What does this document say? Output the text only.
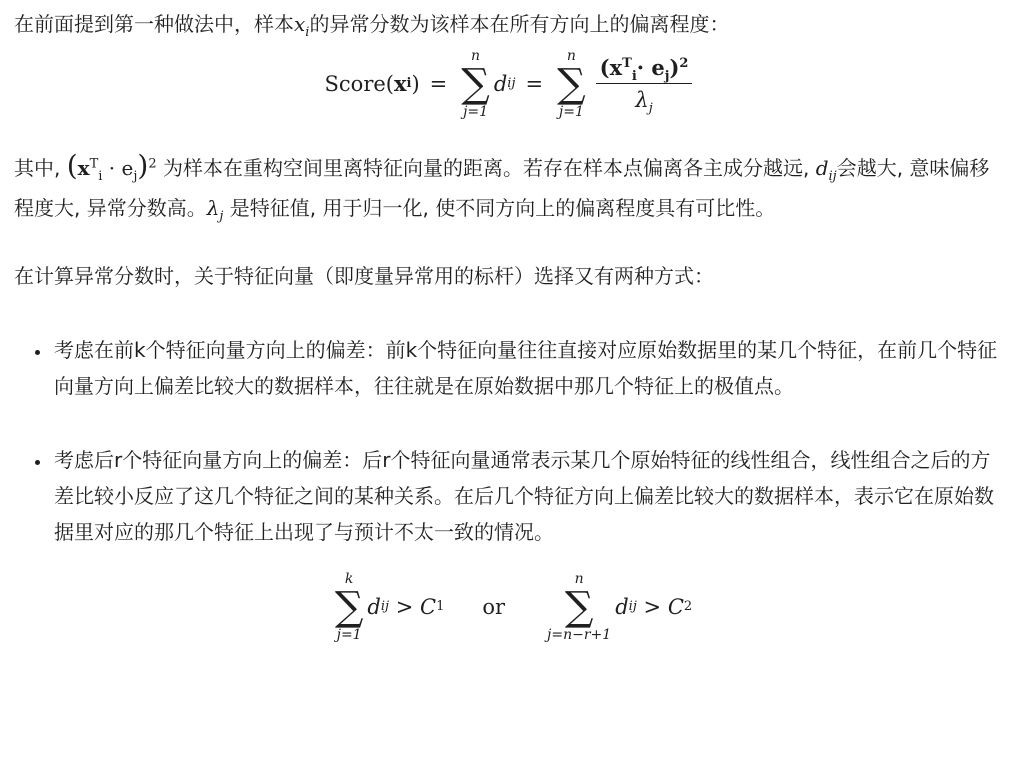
在前面提到第一种做法中，样本$x_i$的异常分数为该样本在所有方向上的偏离程度：

Score( x i ) =
n
∑
j=1
d ij =
n
∑
$j=1 \frac{(x^T_i\cdot e_j)^2}{\lambda_j}$

其中, $(x^T_i \cdot e_j)^2$ 为样本在重构空间里离特征向量的距离。若存在样本点偏离各主成分越远, $d_{ij}$会越大, 意味偏移程度大, 异常分数高。$\lambda_j$ 是特征值, 用于归一化, 使不同方向上的偏离程度具有可比性。

在计算异常分数时，关于特征向量（即度量异常用的标杆）选择又有两种方式：

• 考虑在前k个特征向量方向上的偏差：前k个特征向量往往直接对应原始数据里的某几个特征，在前几个特征向量方向上偏差比较大的数据样本，往往就是在原始数据中那几个特征上的极值点。
• 考虑后r个特征向量方向上的偏差：后r个特征向量通常表示某几个原始特征的线性组合，线性组合之后的方差比较小反应了这几个特征之间的某种关系。在后几个特征方向上偏差比较大的数据样本，表示它在原始数据里对应的那几个特征上出现了与预计不太一致的情况。
k
∑
j=1
d ij > C 1 or
n
∑
j=n−r+1
d ij > C 2
